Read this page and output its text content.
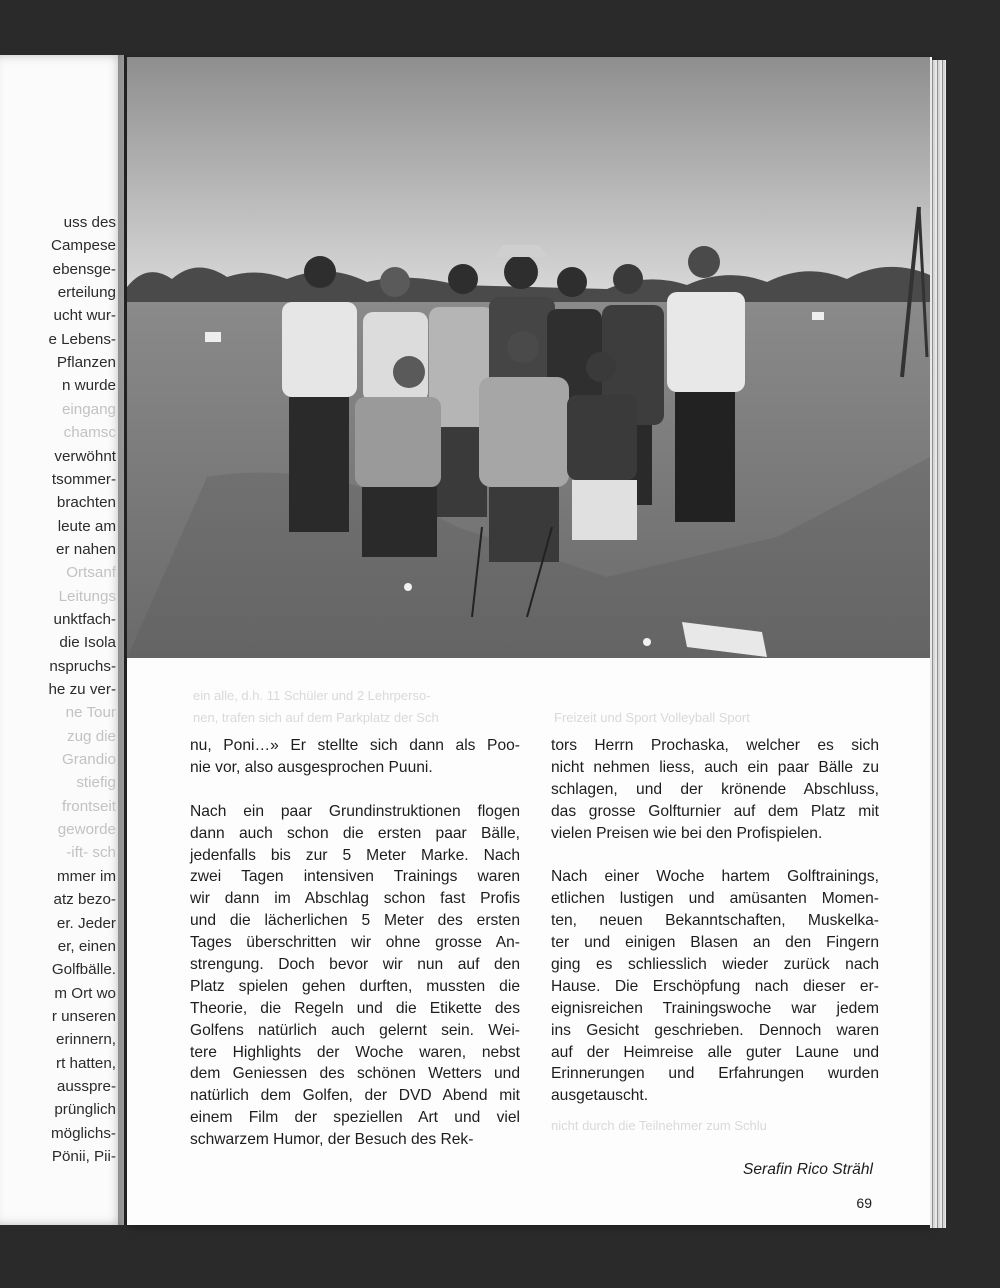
uss des
Campese
ebensge-
erteilung
ucht wur-
e Lebens-
Pflanzen
n wurde
eingang
chamsc
verwöhnt
tsommer-
brachten
leute am
er nahen
Ortsanf
Leitungs
unktfach-
die Isola
nspruchs-
he zu ver-
ne Tour
zug die
Grandio
stiefig
frontseit
geworde
-ift- sch
mmer im
atz bezo-
er. Jeder
er, einen
Golfbälle.
m Ort wo
r unseren
erinnern,
rt hatten,
ausspre-
prünglich
möglichs-
Pönii, Pii-
ein alle, d.h. 11 Schüler und 2 Lehrperso-
nen, trafen sich auf dem Parkplatz der Sch	Freizeit und Sport Volleyball Sport
nicht durch die Teilnehmer zum Schlu
nu, Poni…» Er stellte sich dann als Poo-
nie vor, also ausgesprochen Puuni.
Nach ein paar Grundinstruktionen flogen
dann auch schon die ersten paar Bälle,
jedenfalls bis zur 5 Meter Marke. Nach
zwei Tagen intensiven Trainings waren
wir dann im Abschlag schon fast Profis
und die lächerlichen 5 Meter des ersten
Tages überschritten wir ohne grosse An-
strengung. Doch bevor wir nun auf den
Platz spielen gehen durften, mussten die
Theorie, die Regeln und die Etikette des
Golfens natürlich auch gelernt sein. Wei-
tere Highlights der Woche waren, nebst
dem Geniessen des schönen Wetters und
natürlich dem Golfen, der DVD Abend mit
einem Film der speziellen Art und viel
schwarzem Humor, der Besuch des Rek-
tors Herrn Prochaska, welcher es sich
nicht nehmen liess, auch ein paar Bälle zu
schlagen, und der krönende Abschluss,
das grosse Golfturnier auf dem Platz mit
vielen Preisen wie bei den Profispielen.
Nach einer Woche hartem Golftrainings,
etlichen lustigen und amüsanten Momen-
ten, neuen Bekanntschaften, Muskelka-
ter und einigen Blasen an den Fingern
ging es schliesslich wieder zurück nach
Hause. Die Erschöpfung nach dieser er-
eignisreichen Trainingswoche war jedem
ins Gesicht geschrieben. Dennoch waren
auf der Heimreise alle guter Laune und
Erinnerungen und Erfahrungen wurden
ausgetauscht.
Serafin Rico Strähl
69
